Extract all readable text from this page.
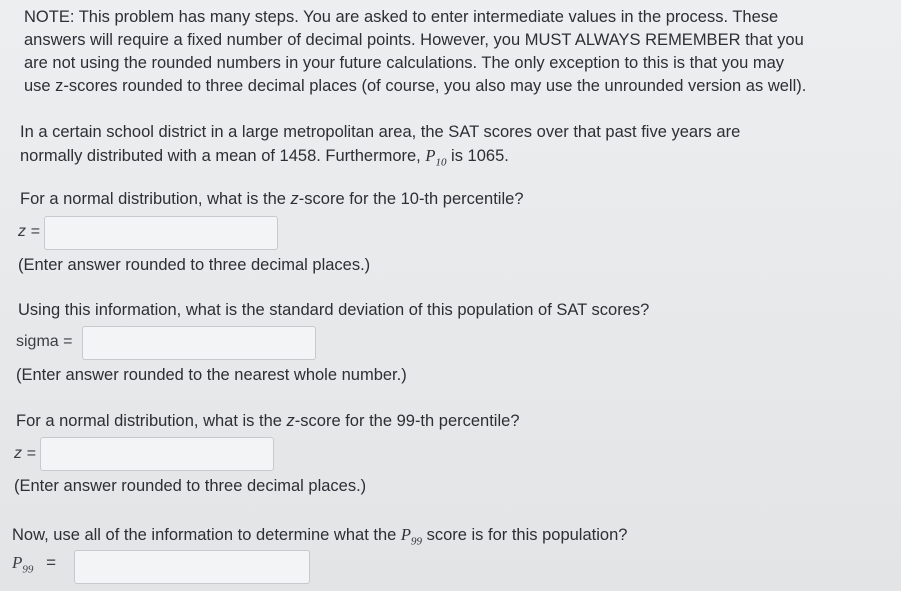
NOTE: This problem has many steps. You are asked to enter intermediate values in the process. These

answers will require a fixed number of decimal points. However, you MUST ALWAYS REMEMBER that you

are not using the rounded numbers in your future calculations. The only exception to this is that you may

use z-scores rounded to three decimal places (of course, you also may use the unrounded version as well).

In a certain school district in a large metropolitan area, the SAT scores over that past five years are

normally distributed with a mean of 1458. Furthermore, $P_{10}$ is 1065.

For a normal distribution, what is the z-score for the 10-th percentile?
z =
(Enter answer rounded to three decimal places.)
Using this information, what is the standard deviation of this population of SAT scores?
sigma =
(Enter answer rounded to the nearest whole number.)
For a normal distribution, what is the z-score for the 99-th percentile?
z =
(Enter answer rounded to three decimal places.)
Now, use all of the information to determine what the $P_{99}$ score is for this population?
$P_{99}$ =
